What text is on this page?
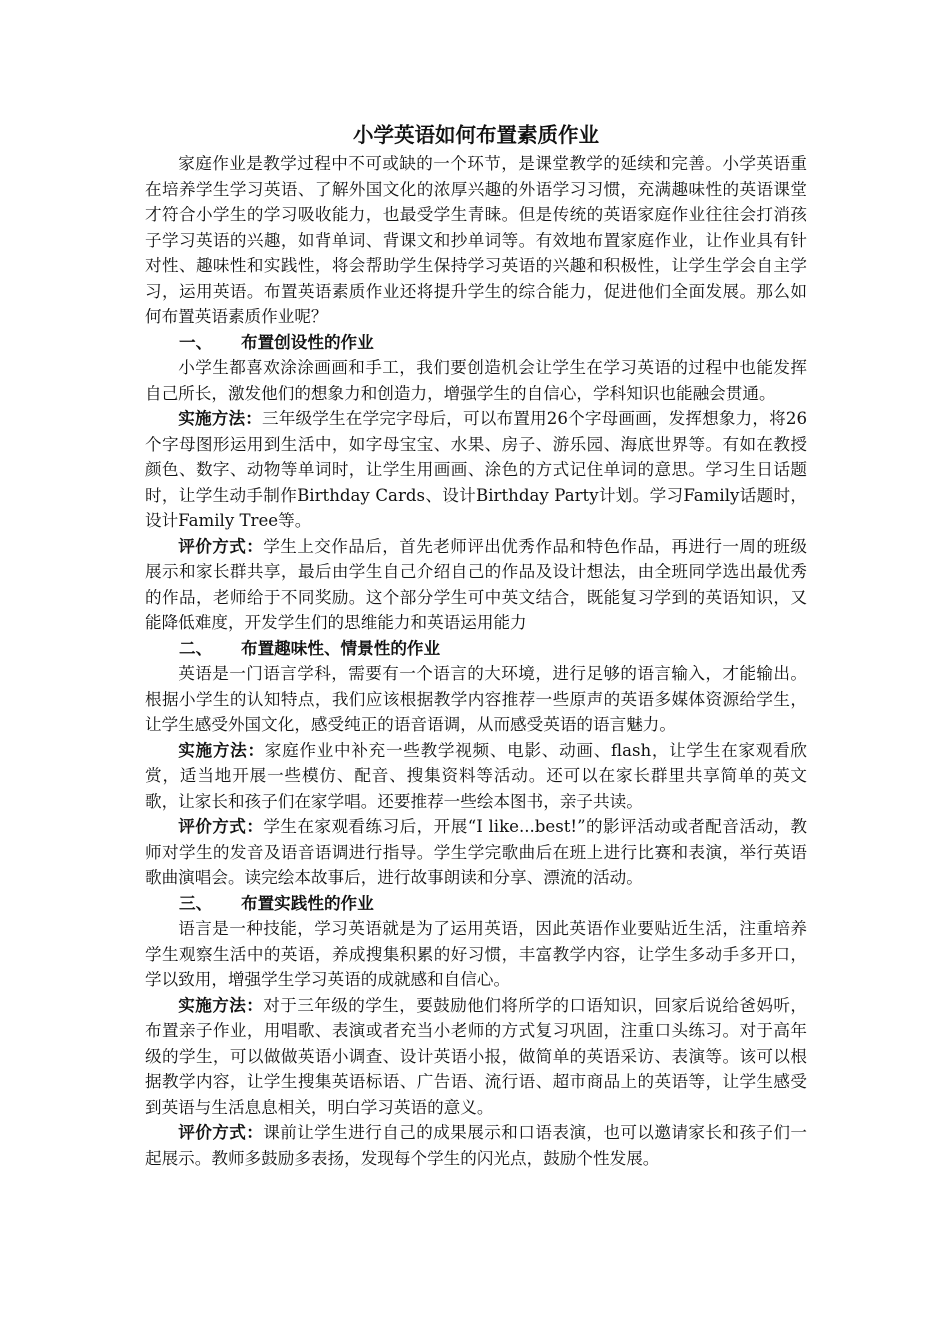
小学英语如何布置素质作业

家庭作业是教学过程中不可或缺的一个环节，是课堂教学的延续和完善。小学英语重在培养学生学习英语、了解外国文化的浓厚兴趣的外语学习习惯，充满趣味性的英语课堂才符合小学生的学习吸收能力，也最受学生青睐。但是传统的英语家庭作业往往会打消孩子学习英语的兴趣，如背单词、背课文和抄单词等。有效地布置家庭作业，让作业具有针对性、趣味性和实践性，将会帮助学生保持学习英语的兴趣和积极性，让学生学会自主学习，运用英语。布置英语素质作业还将提升学生的综合能力，促进他们全面发展。那么如何布置英语素质作业呢？

一、 布置创设性的作业

小学生都喜欢涂涂画画和手工，我们要创造机会让学生在学习英语的过程中也能发挥自己所长，激发他们的想象力和创造力，增强学生的自信心，学科知识也能融会贯通。

实施方法：三年级学生在学完字母后，可以布置用26个字母画画，发挥想象力，将26个字母图形运用到生活中，如字母宝宝、水果、房子、游乐园、海底世界等。有如在教授颜色、数字、动物等单词时，让学生用画画、涂色的方式记住单词的意思。学习生日话题时，让学生动手制作Birthday Cards、设计Birthday Party计划。学习Family话题时，设计Family Tree等。

评价方式：学生上交作品后，首先老师评出优秀作品和特色作品，再进行一周的班级展示和家长群共享，最后由学生自己介绍自己的作品及设计想法，由全班同学选出最优秀的作品，老师给于不同奖励。这个部分学生可中英文结合，既能复习学到的英语知识，又能降低难度，开发学生们的思维能力和英语运用能力

二、 布置趣味性、情景性的作业

英语是一门语言学科，需要有一个语言的大环境，进行足够的语言输入，才能输出。根据小学生的认知特点，我们应该根据教学内容推荐一些原声的英语多媒体资源给学生，让学生感受外国文化，感受纯正的语音语调，从而感受英语的语言魅力。

实施方法：家庭作业中补充一些教学视频、电影、动画、flash，让学生在家观看欣赏，适当地开展一些模仿、配音、搜集资料等活动。还可以在家长群里共享简单的英文歌，让家长和孩子们在家学唱。还要推荐一些绘本图书，亲子共读。

评价方式：学生在家观看练习后，开展“I like...best!”的影评活动或者配音活动，教师对学生的发音及语音语调进行指导。学生学完歌曲后在班上进行比赛和表演，举行英语歌曲演唱会。读完绘本故事后，进行故事朗读和分享、漂流的活动。

三、 布置实践性的作业

语言是一种技能，学习英语就是为了运用英语，因此英语作业要贴近生活，注重培养学生观察生活中的英语，养成搜集积累的好习惯，丰富教学内容，让学生多动手多开口，学以致用，增强学生学习英语的成就感和自信心。

实施方法：对于三年级的学生，要鼓励他们将所学的口语知识，回家后说给爸妈听，布置亲子作业，用唱歌、表演或者充当小老师的方式复习巩固，注重口头练习。对于高年级的学生，可以做做英语小调查、设计英语小报，做简单的英语采访、表演等。该可以根据教学内容，让学生搜集英语标语、广告语、流行语、超市商品上的英语等，让学生感受到英语与生活息息相关，明白学习英语的意义。

评价方式：课前让学生进行自己的成果展示和口语表演，也可以邀请家长和孩子们一起展示。教师多鼓励多表扬，发现每个学生的闪光点，鼓励个性发展。
